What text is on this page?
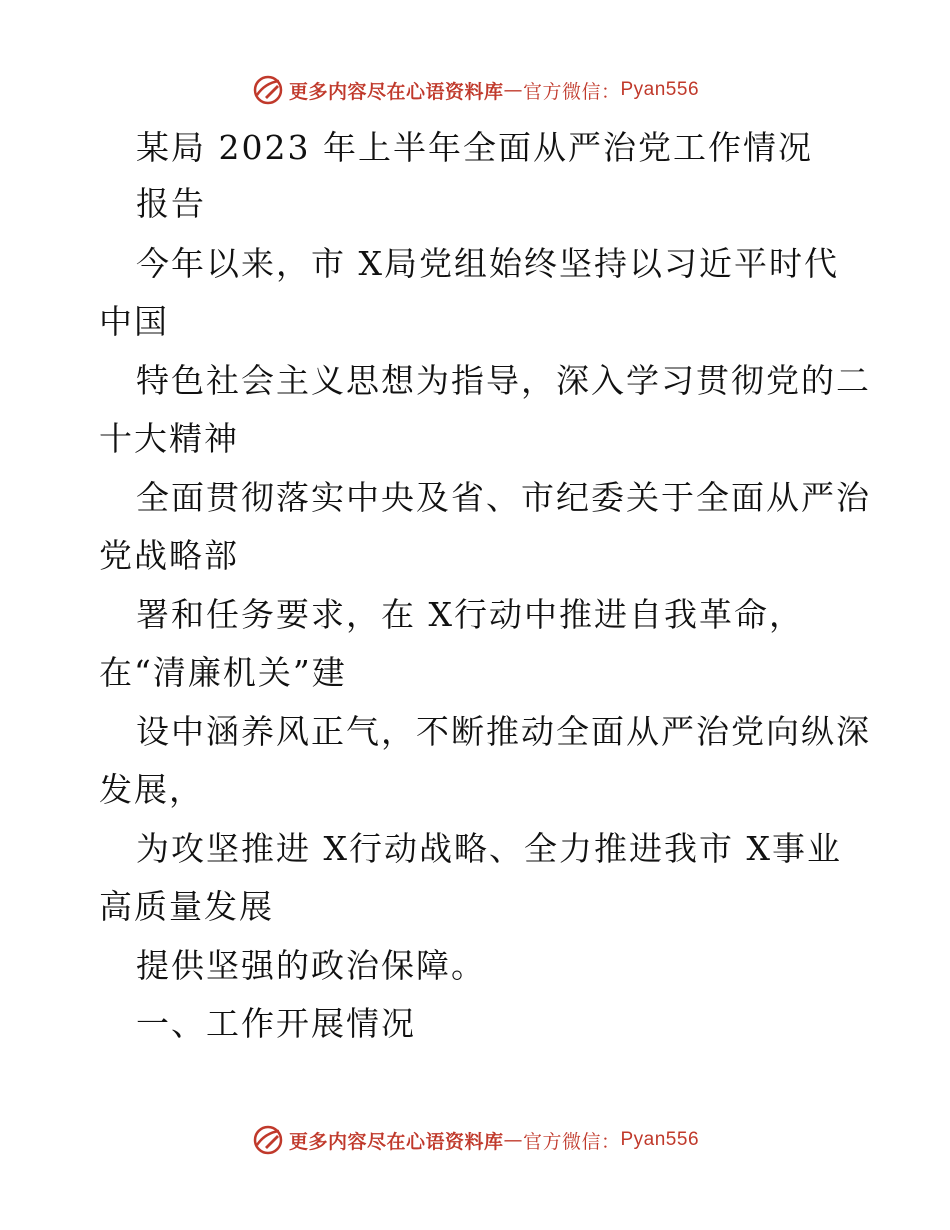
更多内容尽在心语资料库 — 官方微信： Pyan556
某局 2023 年上半年全面从严治党工作情况
报告
今年以来，市 X局党组始终坚持以习近平时代
中国
特色社会主义思想为指导，深入学习贯彻党的二
十大精神
全面贯彻落实中央及省、市纪委关于全面从严治
党战略部
署和任务要求，在 X行动中推进自我革命，
在“清廉机关”建
设中涵养风正气，不断推动全面从严治党向纵深
发展，
为攻坚推进 X行动战略、全力推进我市 X事业
高质量发展
提供坚强的政治保障。
一、工作开展情况
更多内容尽在心语资料库 — 官方微信： Pyan556
